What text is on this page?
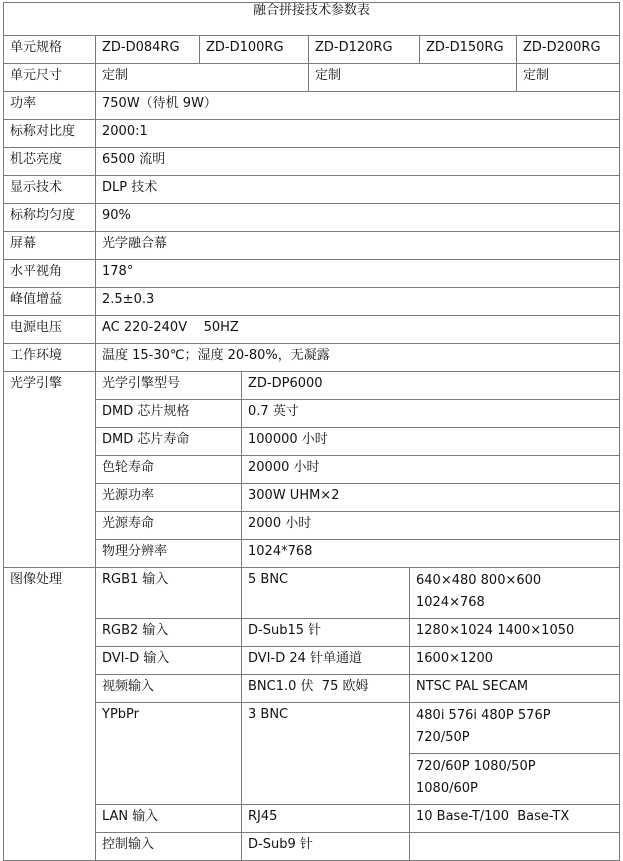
融合拼接技术参数表							
单元规格	ZD-D084RG	ZD-D100RG		ZD-D120RG		ZD-D150RG	ZD-D200RG
单元尺寸	定制			定制			定制
功率	750W（待机 9W）						
标称对比度	2000:1						
机芯亮度	6500 流明						
显示技术	DLP 技术						
标称均匀度	90%						
屏幕	光学融合幕						
水平视角	178°						
峰值增益	2.5±0.3						
电源电压	AC 220-240V    50HZ						
工作环境	温度 15-30℃；湿度 20-80%，无凝露						
光学引擎	光学引擎型号		ZD-DP6000				
	DMD 芯片规格		0.7 英寸				
	DMD 芯片寿命		100000 小时				
	色轮寿命		20000 小时				
	光源功率		300W UHM×2				
	光源寿命		2000 小时				
	物理分辨率		1024*768				
图像处理	RGB1 输入		5 BNC		640×480 800×600
1024×768		

	RGB2 输入		D-Sub15 针		1280×1024 1400×1050		
	DVI-D 输入		DVI-D 24 针单通道		1600×1200		
	视频输入		BNC1.0 伏  75 欧姆		NTSC PAL SECAM		
	YPbPr		3 BNC		480i 576i 480P 576P
720/50P		

					720/60P 1080/50P
1080/60P		

	LAN 输入		RJ45		10 Base-T/100  Base-TX		
	控制输入		D-Sub9 针				
